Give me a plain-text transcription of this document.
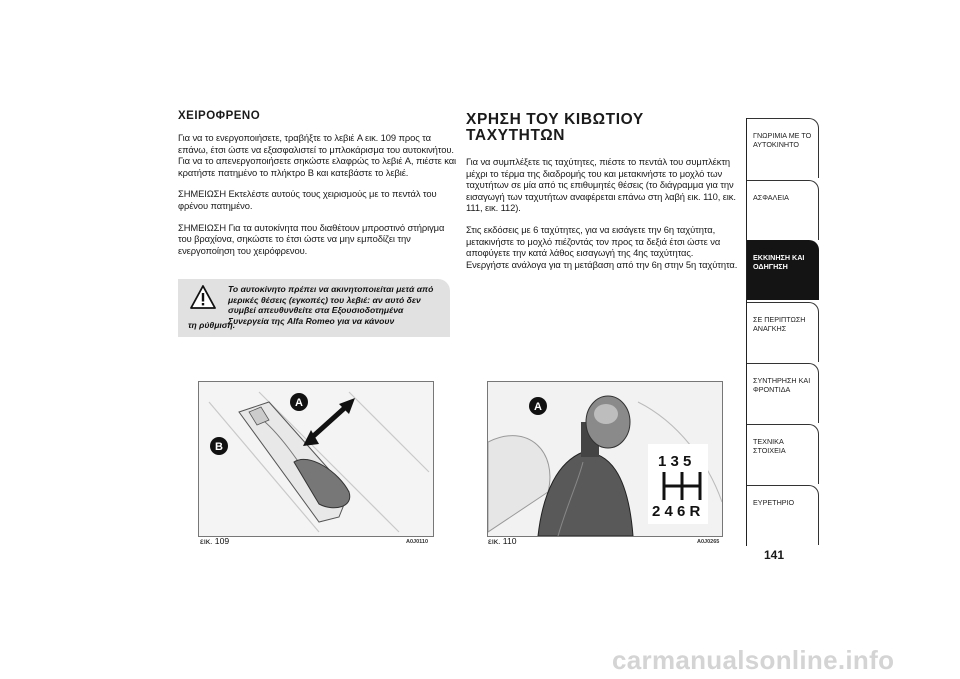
ΧΕΙΡΟΦΡΕΝΟ

Για να το ενεργοποιήσετε, τραβήξτε το λεβιέ A εικ. 109 προς τα επάνω, έτσι ώστε να εξασφαλιστεί το μπλοκάρισμα του αυτοκινήτου. Για να το απενεργοποιήσετε σηκώστε ελαφρώς το λεβιέ A, πιέστε και κρατήστε πατημένο το πλήκτρο B και κατεβάστε το λεβιέ.

ΣΗΜΕΙΩΣΗ Εκτελέστε αυτούς τους χειρισμούς με το πεντάλ του φρένου πατημένο.

ΣΗΜΕΙΩΣΗ Για τα αυτοκίνητα που διαθέτουν μπροστινό στήριγμα του βραχίονα, σηκώστε το έτσι ώστε να μην εμποδίζει την ενεργοποίηση του χειρόφρενου.

Το αυτοκίνητο πρέπει να ακινητοποιείται μετά από μερικές θέσεις (εγκοπές) του λεβιέ: αν αυτό δεν συμβεί απευθυνθείτε στα Εξουσιοδοτημένα Συνεργεία της Alfa Romeo για να κάνουν
τη ρύθμιση.
ΧΡΗΣΗ ΤΟΥ ΚΙΒΩΤΙΟΥ
ΤΑΧΥΤΗΤΩΝ

Για να συμπλέξετε τις ταχύτητες, πιέστε το πεντάλ του συμπλέκτη μέχρι το τέρμα της διαδρομής του και μετακινήστε το μοχλό των ταχυτήτων σε μία από τις επιθυμητές θέσεις (το διάγραμμα για την εισαγωγή των ταχυτήτων αναφέρεται επάνω στη λαβή εικ. 110, εικ. 111, εικ. 112).

Στις εκδόσεις με 6 ταχύτητες, για να εισάγετε την 6η ταχύτητα, μετακινήστε το μοχλό πιέζοντάς τον προς τα δεξιά έτσι ώστε να αποφύγετε την κατά λάθος εισαγωγή της 4ης ταχύτητας. Ενεργήστε ανάλογα για τη μετάβαση από την 6η στην 5η ταχύτητα.

A
B
εικ. 109	A0J0110
A
1 3 5
2 4 6 R
εικ. 110	A0J0265
ΓΝΩΡΙΜΙΑ ΜΕ ΤΟ ΑΥΤΟΚΙΝΗΤΟ
ΑΣΦΑΛΕΙΑ
ΕΚΚΙΝΗΣΗ ΚΑΙ ΟΔΗΓΗΣΗ
ΣΕ ΠΕΡΙΠΤΩΣΗ ΑΝΑΓΚΗΣ
ΣΥΝΤΗΡΗΣΗ ΚΑΙ ΦΡΟΝΤΙΔΑ
ΤΕΧΝΙΚΑ ΣΤΟΙΧΕΙΑ
ΕΥΡΕΤΗΡΙΟ
141
carmanualsonline.info
